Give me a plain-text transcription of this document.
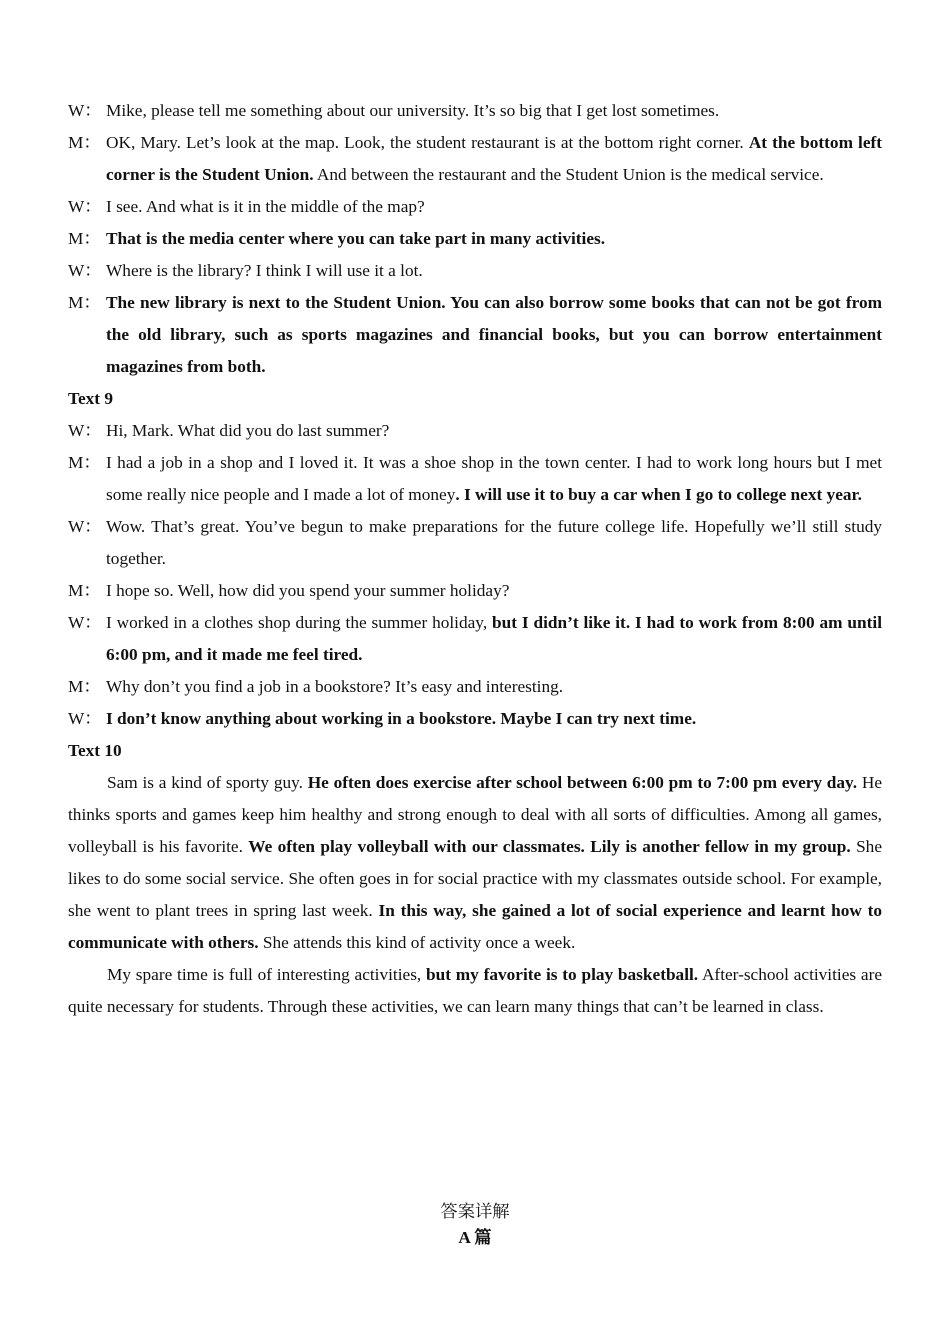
W： Mike, please tell me something about our university. It’s so big that I get lost sometimes.
M： OK, Mary. Let’s look at the map. Look, the student restaurant is at the bottom right corner. At the bottom left corner is the Student Union. And between the restaurant and the Student Union is the medical service.
W： I see. And what is it in the middle of the map?
M： That is the media center where you can take part in many activities.
W： Where is the library? I think I will use it a lot.
M： The new library is next to the Student Union. You can also borrow some books that can not be got from the old library, such as sports magazines and financial books, but you can borrow entertainment magazines from both.
Text 9
W： Hi, Mark. What did you do last summer?
M： I had a job in a shop and I loved it. It was a shoe shop in the town center. I had to work long hours but I met some really nice people and I made a lot of money. I will use it to buy a car when I go to college next year.
W： Wow. That’s great. You’ve begun to make preparations for the future college life. Hopefully we’ll still study together.
M： I hope so. Well, how did you spend your summer holiday?
W： I worked in a clothes shop during the summer holiday, but I didn’t like it. I had to work from 8:00 am until 6:00 pm, and it made me feel tired.
M： Why don’t you find a job in a bookstore? It’s easy and interesting.
W： I don’t know anything about working in a bookstore. Maybe I can try next time.
Text 10
Sam is a kind of sporty guy. He often does exercise after school between 6:00 pm to 7:00 pm every day. He thinks sports and games keep him healthy and strong enough to deal with all sorts of difficulties. Among all games, volleyball is his favorite. We often play volleyball with our classmates. Lily is another fellow in my group. She likes to do some social service. She often goes in for social practice with my classmates outside school. For example, she went to plant trees in spring last week. In this way, she gained a lot of social experience and learnt how to communicate with others. She attends this kind of activity once a week.
My spare time is full of interesting activities, but my favorite is to play basketball. After-school activities are quite necessary for students. Through these activities, we can learn many things that can’t be learned in class.
答案详解
A 篇
